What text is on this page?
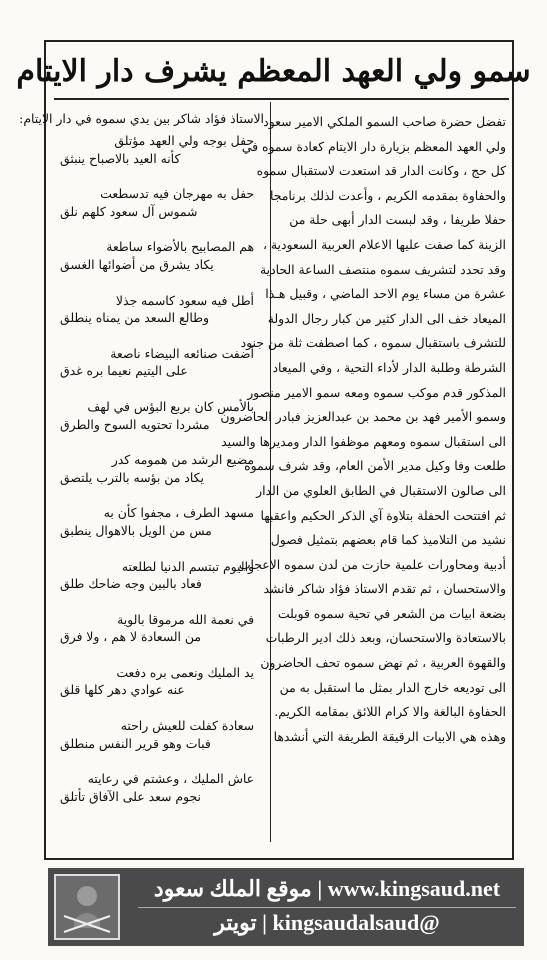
سمو ولي العهد المعظم يشرف دار الايتام

تفضل حضرة صاحب السمو الملكي الامير سعود

ولي العهد المعظم بزيارة دار الايتام كعادة سموه في

كل حج ، وكانت الدار قد استعدت لاستقبال سموه

والحفاوة بمقدمه الكريم ، وأعدت لذلك برنامجا

حفلا طريفا ، وقد لبست الدار أبهى حلة من

الزينة كما صفت عليها الاعلام العربية السعودية ،

وقد تحدد لتشريف سموه منتصف الساعة الحادية

عشرة من مساء يوم الاحد الماضي ، وقبيل هـذا

الميعاد خف الى الدار كثير من كبار رجال الدولة

للتشرف باستقبال سموه ، كما اصطفت ثلة من جنود

الشرطة وطلبة الدار لأداء التحية ، وفي الميعاد

المذكور قدم موكب سموه ومعه سمو الامير منصور

وسمو الأمير فهد بن محمد بن عبدالعزيز فبادر الحاضرون

الى استقبال سموه ومعهم موظفوا الدار ومديرها والسيد

طلعت وفا وكيل مدير الأمن العام، وقد شرف سموه

الى صالون الاستقبال في الطابق العلوي من الدار

ثم افتتحت الحفلة بتلاوة آي الذكر الحكيم واعقبها

نشيد من التلاميذ كما قام بعضهم بتمثيل فصول

أدبية ومحاورات علمية حازت من لدن سموه الاعجاب

والاستحسان ، ثم تقدم الاستاذ فؤاد شاكر فانشد

بضعة ابيات من الشعر في تحية سموه قوبلت

بالاستعادة والاستحسان، وبعد ذلك ادير الرطبات

والقهوة العربية ، ثم نهض سموه تحف الحاضرون

الى توديعه خارج الدار بمثل ما استقبل به من

الحفاوة البالغة والا كرام اللائق بمقامه الكريم.

وهذه هي الابيات الرقيقة الطريفة التي أنشدها

الاستاذ فؤاد شاكر بين يدي سموه في دار الايتام:

حفل بوجه ولي العهد مؤتلق
كأنه العيد بالاصباح ينبثق
حفل به مهرجان فيه تدسطعت
شموس آل سعود كلهم نلق
هم المصابيح بالأضواء ساطعة
يكاد يشرق من أضوائها الغسق
أطل فيه سعود كاسمه جذلا
وطالع السعد من يمناه ينطلق
أضفت صنائعه البيضاء ناصعة
على اليتيم نعيما بره غدق
بالأمس كان بربع البؤس في لهف
مشردا تحتويه السوح والطرق
مضيع الرشد من همومه كدر
يكاد من بؤسه بالترب يلتصق
مسهد الطرف ، مجفوا كأن به
مس من الويل بالاهوال ينطبق
واليوم تبتسم الدنيا لطلعته
فعاد بالبين وجه ضاحك طلق
في نعمة الله مرموقا بالوية
من السعادة لا هم ، ولا فرق
يد المليك ونعمى بره دفعت
عنه عوادي دهر كلها قلق
سعادة كفلت للعيش راحته
فبات وهو قرير النفس منطلق
عاش المليك ، وعشتم في رعايته
نجوم سعد على الآفاق تأتلق
موقع الملك سعود | www.kingsaud.net
تويتر | kingsaudalsaud@
